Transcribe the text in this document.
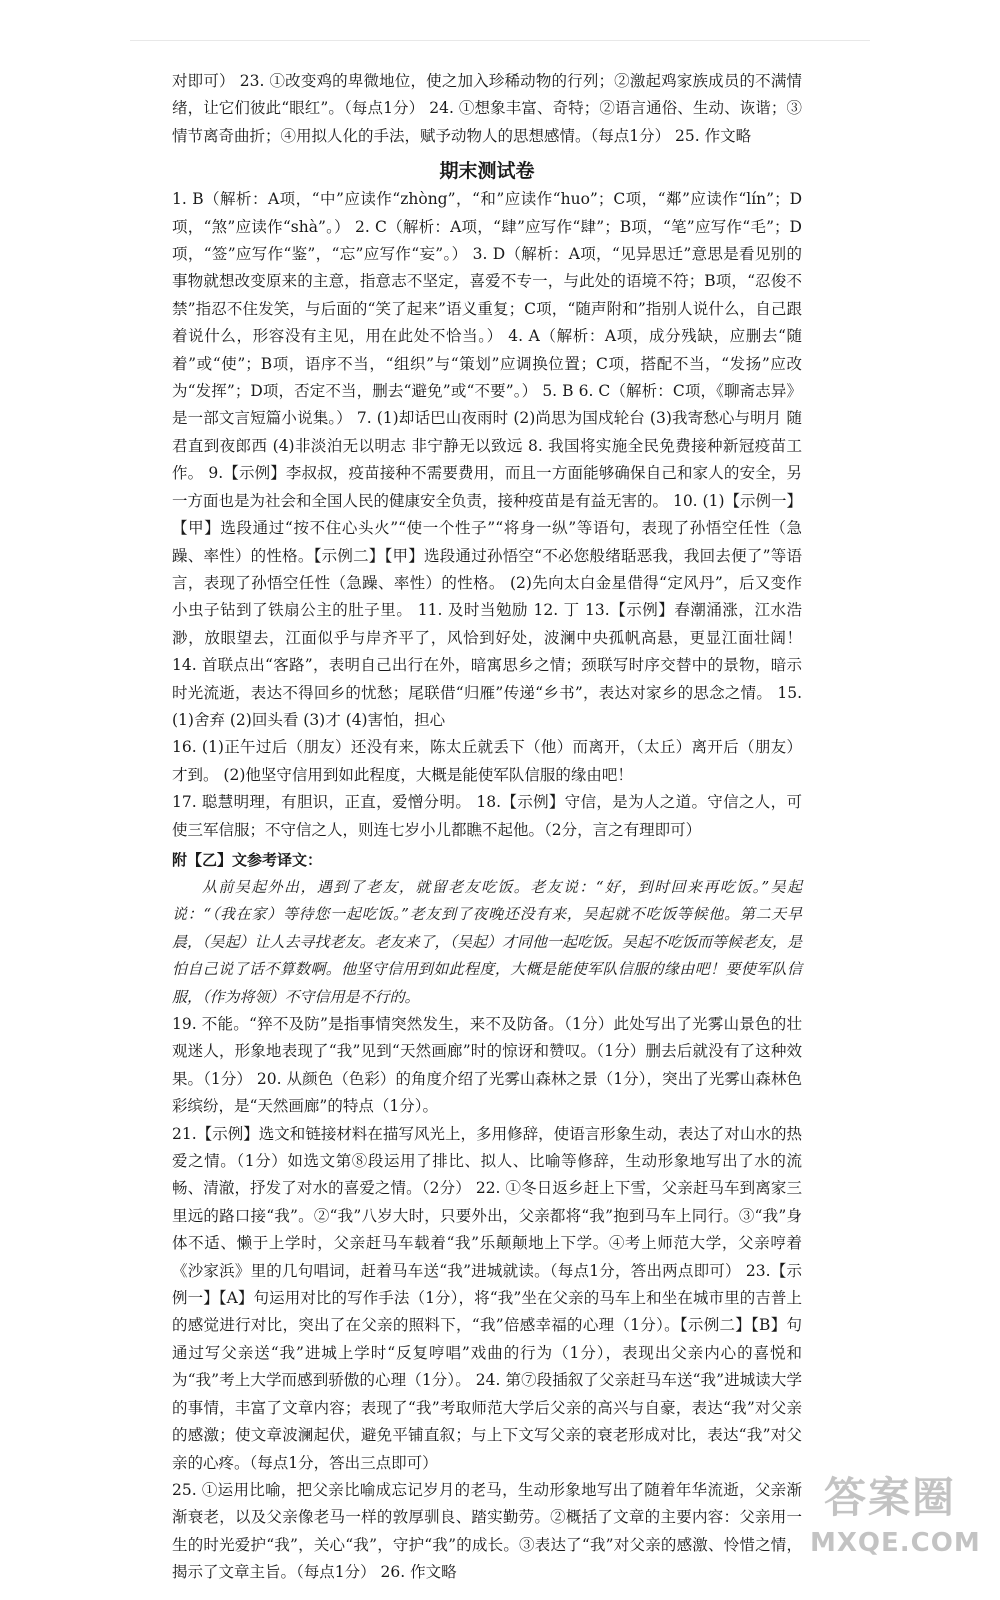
对即可） 23. ①改变鸡的卑微地位，使之加入珍稀动物的行列；②激起鸡家族成员的不满情绪，让它们彼此“眼红”。（每点1分） 24. ①想象丰富、奇特；②语言通俗、生动、诙谐；③情节离奇曲折；④用拟人化的手法，赋予动物人的思想感情。（每点1分） 25. 作文略

期末测试卷

1. B（解析：A项，“中”应读作“zhòng”，“和”应读作“huo”；C项，“鄰”应读作“lín”；D项，“煞”应读作“shà”。） 2. C（解析：A项，“肆”应写作“肆”；B项，“笔”应写作“毛”；D项，“签”应写作“鉴”，“忘”应写作“妄”。） 3. D（解析：A项，“见异思迁”意思是看见别的事物就想改变原来的主意，指意志不坚定，喜爱不专一，与此处的语境不符；B项，“忍俊不禁”指忍不住发笑，与后面的“笑了起来”语义重复；C项，“随声附和”指别人说什么，自己跟着说什么，形容没有主见，用在此处不恰当。） 4. A（解析：A项，成分残缺，应删去“随着”或“使”；B项，语序不当，“组织”与“策划”应调换位置；C项，搭配不当，“发扬”应改为“发挥”；D项，否定不当，删去“避免”或“不要”。） 5. B 6. C（解析：C项，《聊斋志异》是一部文言短篇小说集。） 7. (1)却话巴山夜雨时 (2)尚思为国戍轮台 (3)我寄愁心与明月 随君直到夜郎西 (4)非淡泊无以明志 非宁静无以致远 8. 我国将实施全民免费接种新冠疫苗工作。 9.【示例】李叔叔，疫苗接种不需要费用，而且一方面能够确保自己和家人的安全，另一方面也是为社会和全国人民的健康安全负责，接种疫苗是有益无害的。 10. (1)【示例一】【甲】选段通过“按不住心头火”“使一个性子”“将身一纵”等语句，表现了孙悟空任性（急躁、率性）的性格。【示例二】【甲】选段通过孙悟空“不必您般绪聒恶我，我回去便了”等语言，表现了孙悟空任性（急躁、率性）的性格。 (2)先向太白金星借得“定风丹”，后又变作小虫子钻到了铁扇公主的肚子里。 11. 及时当勉励 12. 丁 13.【示例】春潮涌涨，江水浩渺，放眼望去，江面似乎与岸齐平了，风恰到好处，波澜中央孤帆高悬，更显江面壮阔！ 14. 首联点出“客路”，表明自己出行在外，暗寓思乡之情；颈联写时序交替中的景物，暗示时光流逝，表达不得回乡的忧愁；尾联借“归雁”传递“乡书”，表达对家乡的思念之情。 15. (1)舍弃 (2)回头看 (3)才 (4)害怕，担心

16. (1)正午过后（朋友）还没有来，陈太丘就丢下（他）而离开，（太丘）离开后（朋友）才到。 (2)他坚守信用到如此程度，大概是能使军队信服的缘由吧！

17. 聪慧明理，有胆识，正直，爱憎分明。 18.【示例】守信，是为人之道。守信之人，可使三军信服；不守信之人，则连七岁小儿都瞧不起他。（2分，言之有理即可）

附【乙】文参考译文：

从前吴起外出，遇到了老友，就留老友吃饭。老友说：“好，到时回来再吃饭。”吴起说：“（我在家）等待您一起吃饭。”老友到了夜晚还没有来，吴起就不吃饭等候他。第二天早晨，（吴起）让人去寻找老友。老友来了，（吴起）才同他一起吃饭。吴起不吃饭而等候老友，是怕自己说了话不算数啊。他坚守信用到如此程度，大概是能使军队信服的缘由吧！要使军队信服，（作为将领）不守信用是不行的。

19. 不能。“猝不及防”是指事情突然发生，来不及防备。（1分）此处写出了光雾山景色的壮观迷人，形象地表现了“我”见到“天然画廊”时的惊讶和赞叹。（1分）删去后就没有了这种效果。（1分） 20. 从颜色（色彩）的角度介绍了光雾山森林之景（1分），突出了光雾山森林色彩缤纷，是“天然画廊”的特点（1分）。

21.【示例】选文和链接材料在描写风光上，多用修辞，使语言形象生动，表达了对山水的热爱之情。（1分）如选文第⑧段运用了排比、拟人、比喻等修辞，生动形象地写出了水的流畅、清澈，抒发了对水的喜爱之情。（2分） 22. ①冬日返乡赶上下雪，父亲赶马车到离家三里远的路口接“我”。②“我”八岁大时，只要外出，父亲都将“我”抱到马车上同行。③“我”身体不适、懒于上学时，父亲赶马车载着“我”乐颠颠地上下学。④考上师范大学，父亲哼着《沙家浜》里的几句唱词，赶着马车送“我”进城就读。（每点1分，答出两点即可） 23.【示例一】【A】句运用对比的写作手法（1分），将“我”坐在父亲的马车上和坐在城市里的吉普上的感觉进行对比，突出了在父亲的照料下，“我”倍感幸福的心理（1分）。【示例二】【B】句通过写父亲送“我”进城上学时“反复哼唱”戏曲的行为（1分），表现出父亲内心的喜悦和为“我”考上大学而感到骄傲的心理（1分）。 24. 第⑦段插叙了父亲赶马车送“我”进城读大学的事情，丰富了文章内容；表现了“我”考取师范大学后父亲的高兴与自豪，表达“我”对父亲的感激；使文章波澜起伏，避免平铺直叙；与上下文写父亲的衰老形成对比，表达“我”对父亲的心疼。（每点1分，答出三点即可）

25. ①运用比喻，把父亲比喻成忘记岁月的老马，生动形象地写出了随着年华流逝，父亲渐渐衰老，以及父亲像老马一样的敦厚驯良、踏实勤劳。②概括了文章的主要内容：父亲用一生的时光爱护“我”，关心“我”，守护“我”的成长。③表达了“我”对父亲的感激、怜惜之情，揭示了文章主旨。（每点1分） 26. 作文略

答案圈
MXQE.COM
